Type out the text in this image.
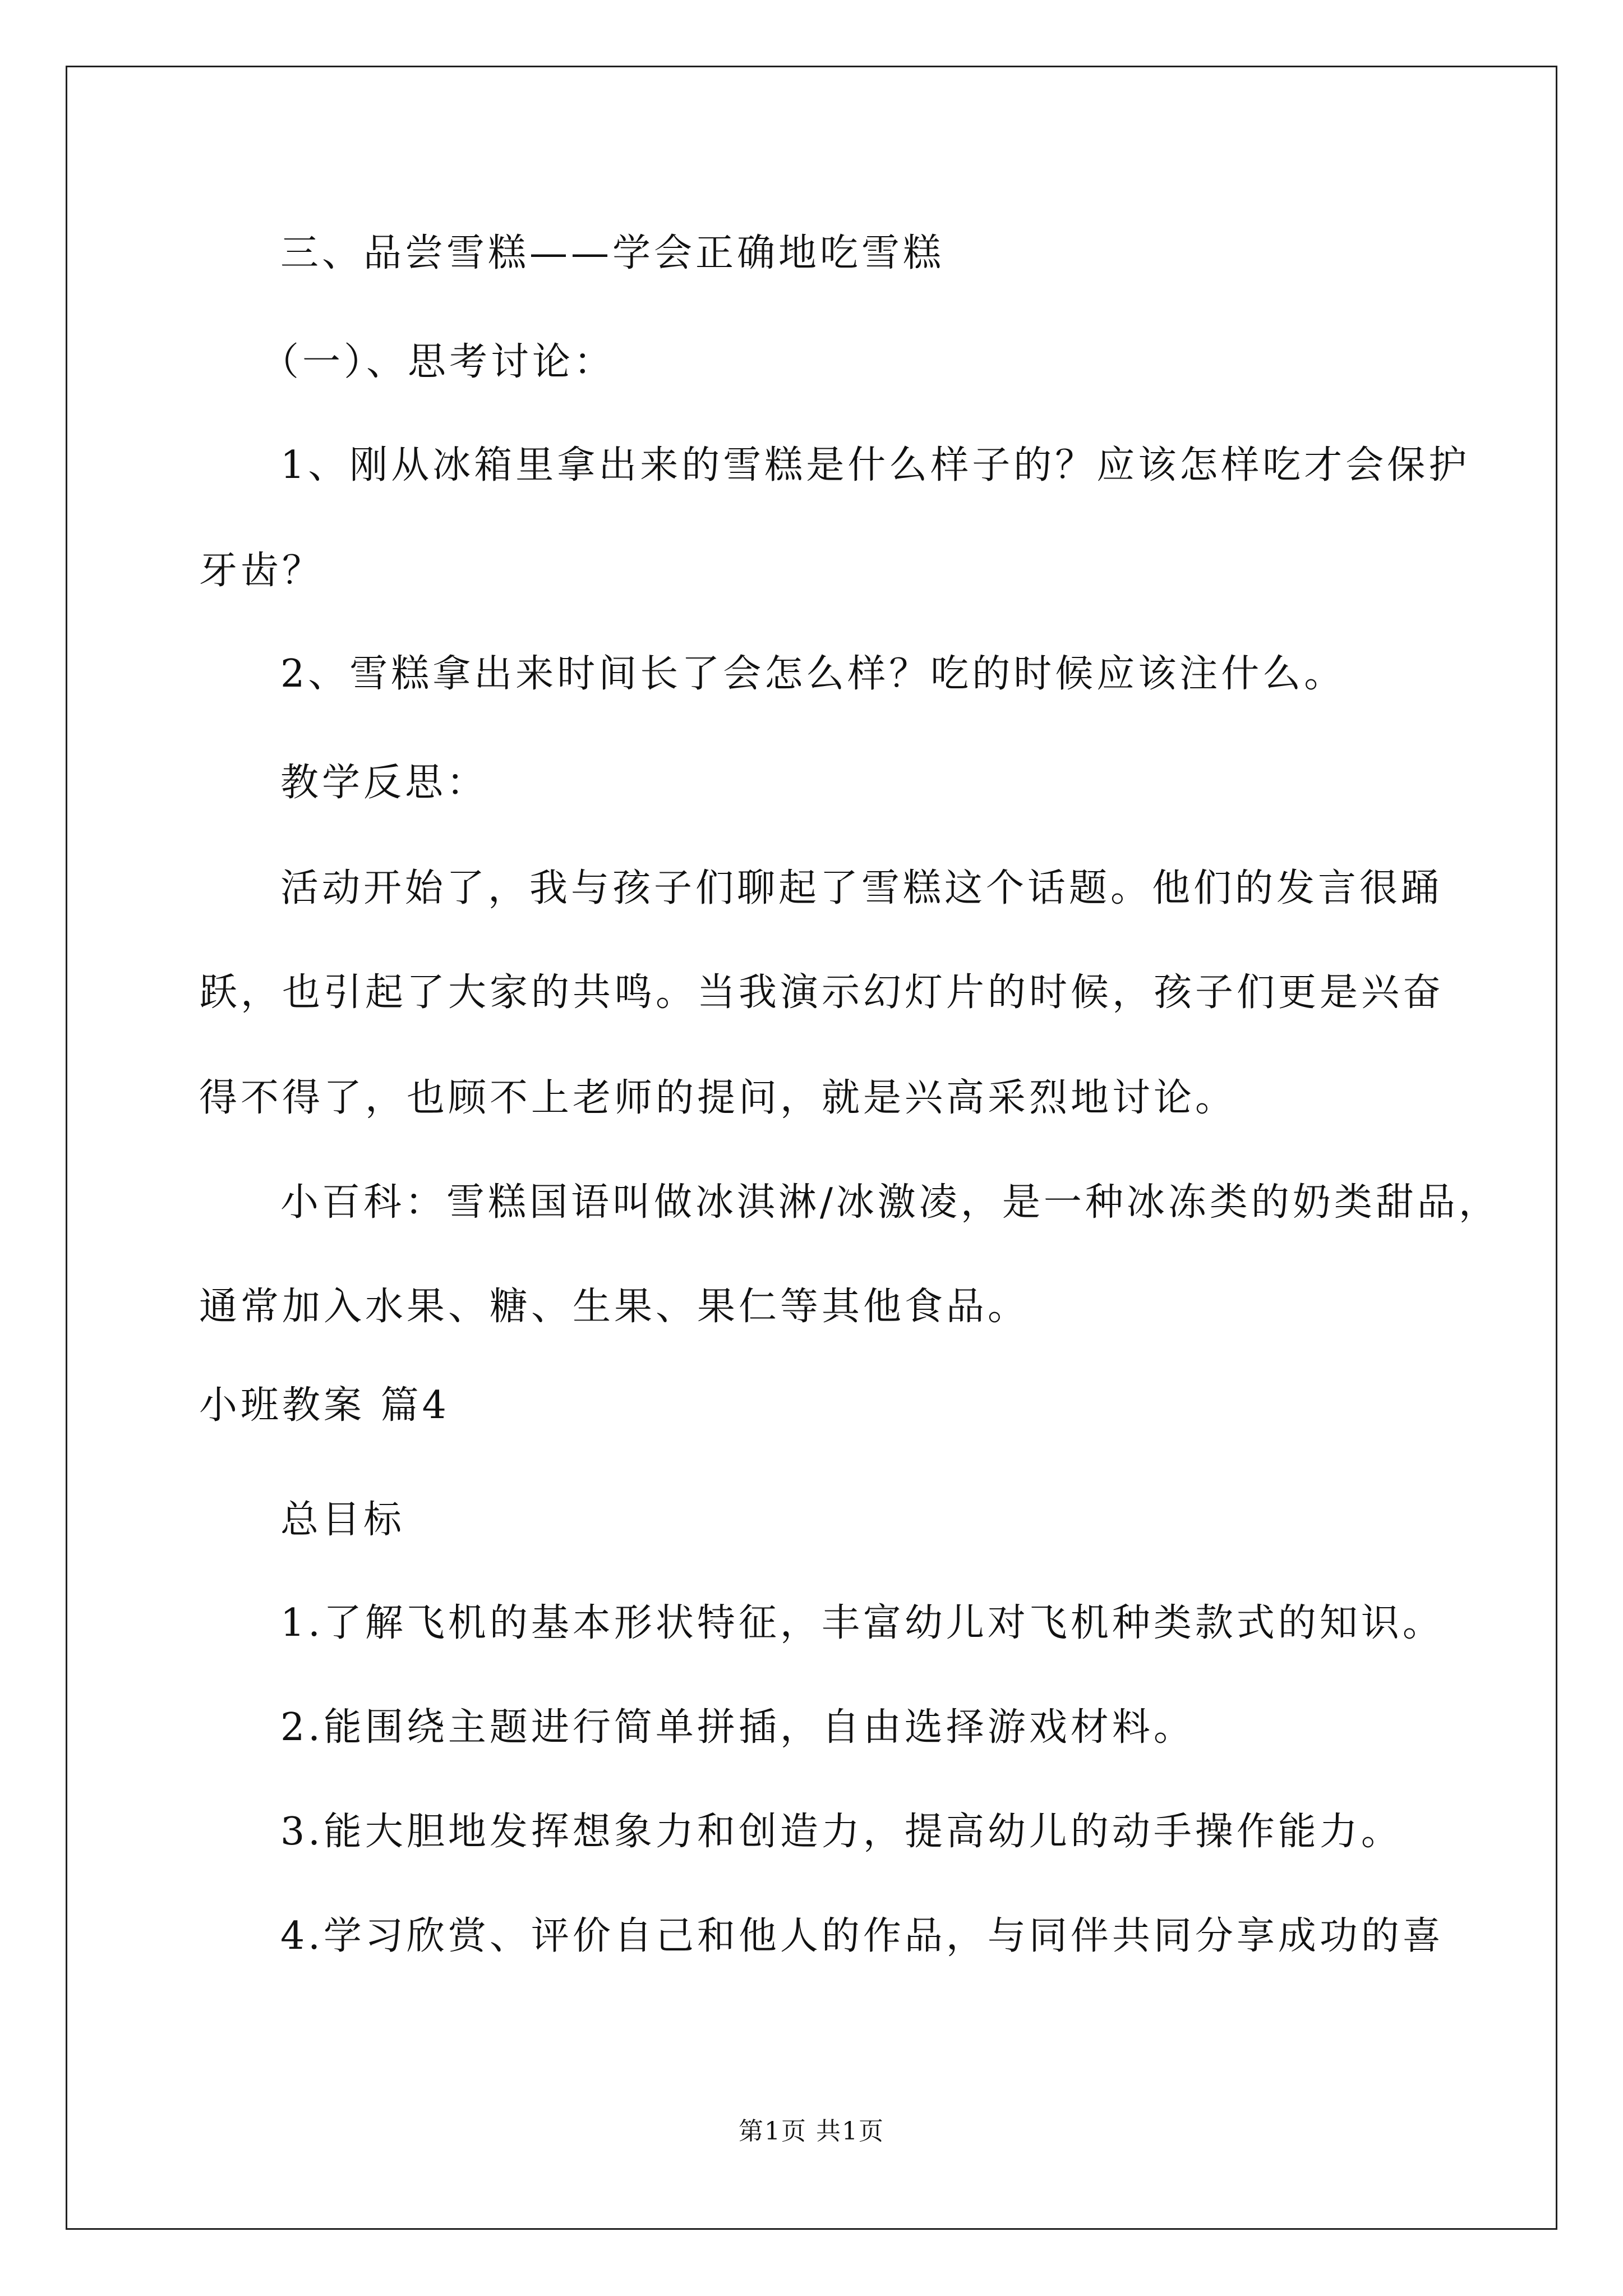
三、品尝雪糕——学会正确地吃雪糕
（一）、思考讨论：
1、刚从冰箱里拿出来的雪糕是什么样子的？应该怎样吃才会保护
牙齿？
2、雪糕拿出来时间长了会怎么样？吃的时候应该注什么。
教学反思：
活动开始了，我与孩子们聊起了雪糕这个话题。他们的发言很踊
跃，也引起了大家的共鸣。当我演示幻灯片的时候，孩子们更是兴奋
得不得了，也顾不上老师的提问，就是兴高采烈地讨论。
小百科：雪糕国语叫做冰淇淋/冰激凌，是一种冰冻类的奶类甜品，
通常加入水果、糖、生果、果仁等其他食品。
小班教案 篇4
总目标
1.了解飞机的基本形状特征，丰富幼儿对飞机种类款式的知识。
2.能围绕主题进行简单拼插，自由选择游戏材料。
3.能大胆地发挥想象力和创造力，提高幼儿的动手操作能力。
4.学习欣赏、评价自己和他人的作品，与同伴共同分享成功的喜
第1页 共1页
